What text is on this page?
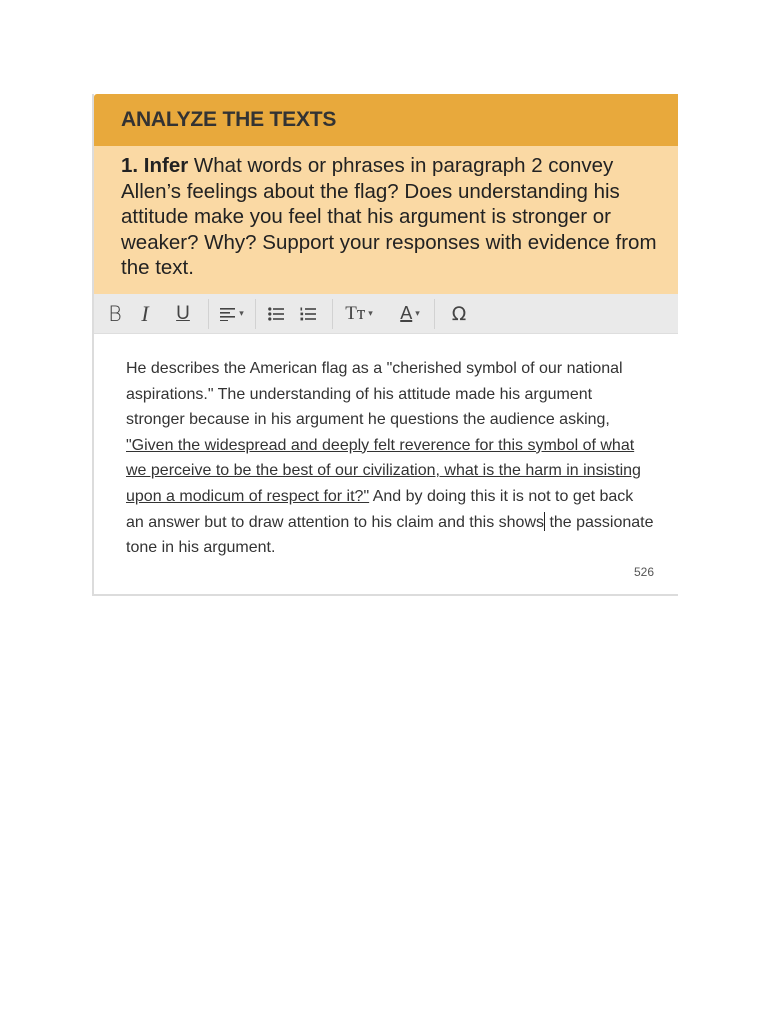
ANALYZE THE TEXTS
1. Infer What words or phrases in paragraph 2 convey Allen’s feelings about the flag? Does understanding his attitude make you feel that his argument is stronger or weaker? Why? Support your responses with evidence from the text.
B I U	▾	Tт ▾ A ▾ Ω
He describes the American flag as a "cherished symbol of our national aspirations." The understanding of his attitude made his argument stronger because in his argument he questions the audience asking, "Given the widespread and deeply felt reverence for this symbol of what we perceive to be the best of our civilization, what is the harm in insisting upon a modicum of respect for it?" And by doing this it is not to get back an answer but to draw attention to his claim and this shows the passionate tone in his argument.
526
